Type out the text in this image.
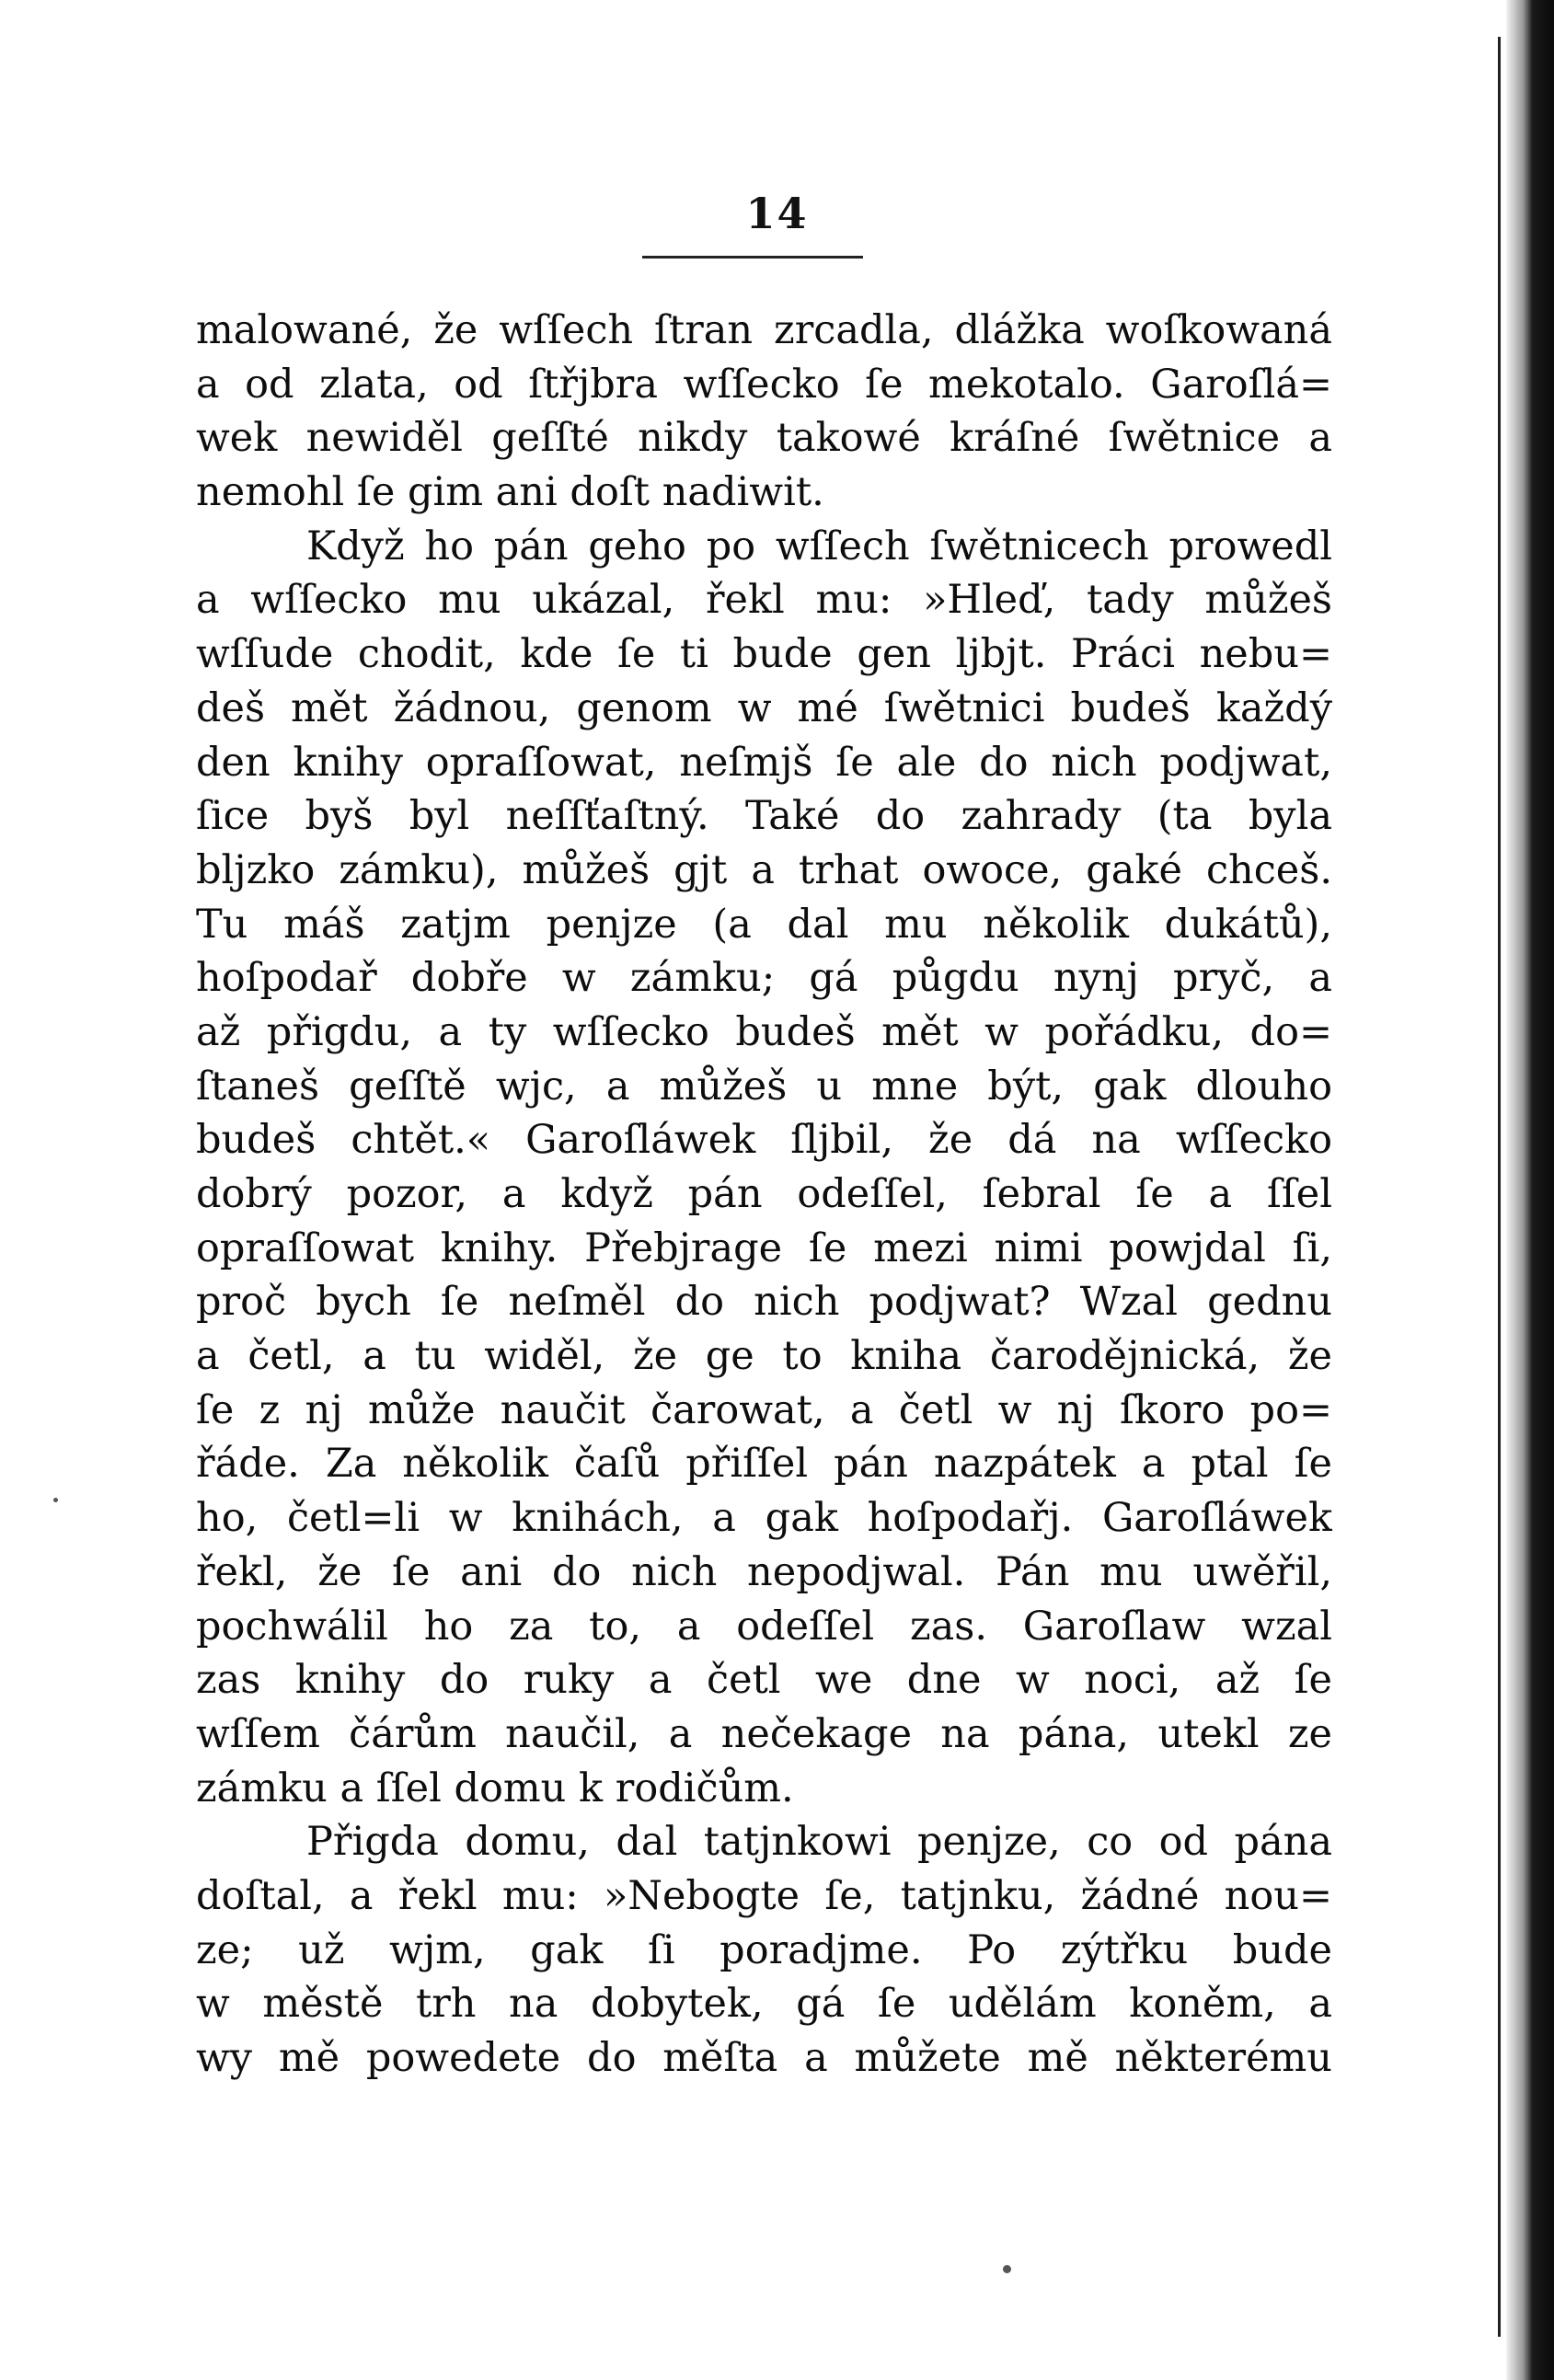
14
malowané, že wſſech ſtran zrcadla, dlážka woſkowaná
a od zlata, od ſtřjbra wſſecko ſe mekotalo. Garoſlá=
wek newiděl geſſté nikdy takowé kráſné ſwětnice a
nemohl ſe gim ani doſt nadiwit.
Když ho pán geho po wſſech ſwětnicech prowedl
a wſſecko mu ukázal, řekl mu: »Hleď, tady můžeš
wſſude chodit, kde ſe ti bude gen ljbjt. Práci nebu=
deš mět žádnou, genom w mé ſwětnici budeš každý
den knihy opraſſowat, neſmjš ſe ale do nich podjwat,
ſice byš byl neſſťaſtný. Také do zahrady (ta byla
bljzko zámku), můžeš gjt a trhat owoce, gaké chceš.
Tu máš zatjm penjze (a dal mu několik dukátů),
hoſpodař dobře w zámku; gá půgdu nynj pryč, a
až přigdu, a ty wſſecko budeš mět w pořádku, do=
ſtaneš geſſtě wjc, a můžeš u mne být, gak dlouho
budeš chtět.« Garoſláwek ſljbil, že dá na wſſecko
dobrý pozor, a když pán odeſſel, ſebral ſe a ſſel
opraſſowat knihy. Přebjrage ſe mezi nimi powjdal ſi,
proč bych ſe neſměl do nich podjwat? Wzal gednu
a četl, a tu widěl, že ge to kniha čarodějnická, že
ſe z nj může naučit čarowat, a četl w nj ſkoro po=
řáde. Za několik čaſů přiſſel pán nazpátek a ptal ſe
ho, četl=li w knihách, a gak hoſpodařj. Garoſláwek
řekl, že ſe ani do nich nepodjwal. Pán mu uwěřil,
pochwálil ho za to, a odeſſel zas. Garoſlaw wzal
zas knihy do ruky a četl we dne w noci, až ſe
wſſem čárům naučil, a nečekage na pána, utekl ze
zámku a ſſel domu k rodičům.
Přigda domu, dal tatjnkowi penjze, co od pána
doſtal, a řekl mu: »Nebogte ſe, tatjnku, žádné nou=
ze; už wjm, gak ſi poradjme. Po zýtřku bude
w městě trh na dobytek, gá ſe udělám koněm, a
wy mě powedete do měſta a můžete mě některému
